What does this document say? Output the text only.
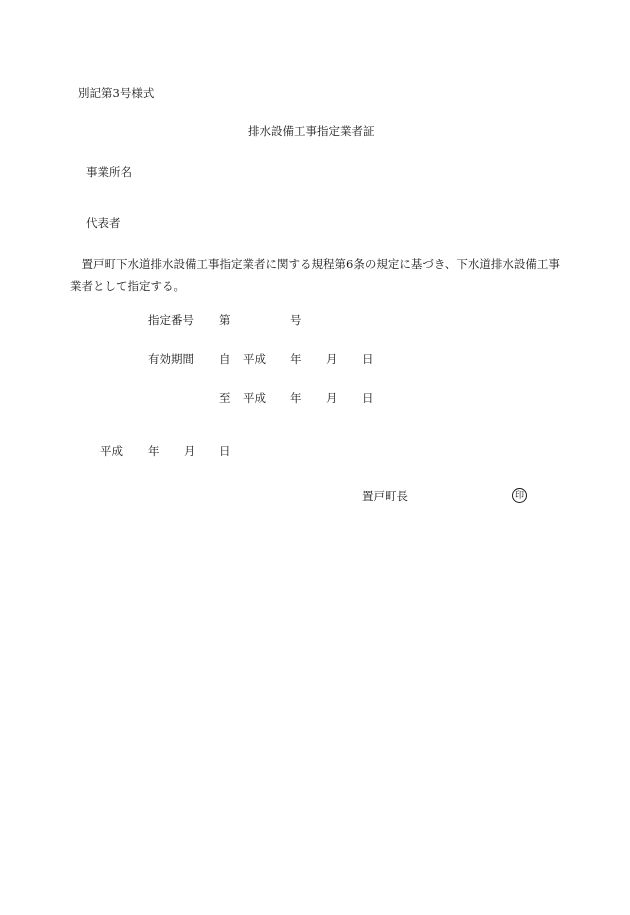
別記第3号様式
排水設備工事指定業者証
事業所名
代表者
　置戸町下水道排水設備工事指定業者に関する規程第6条の規定に基づき、下水道排水設備工事業者として指定する。
指定番号 第	号
有効期間 自 平成 年 月 日
至 平成 年 月 日
平成 年 月 日
置戸町長	印
